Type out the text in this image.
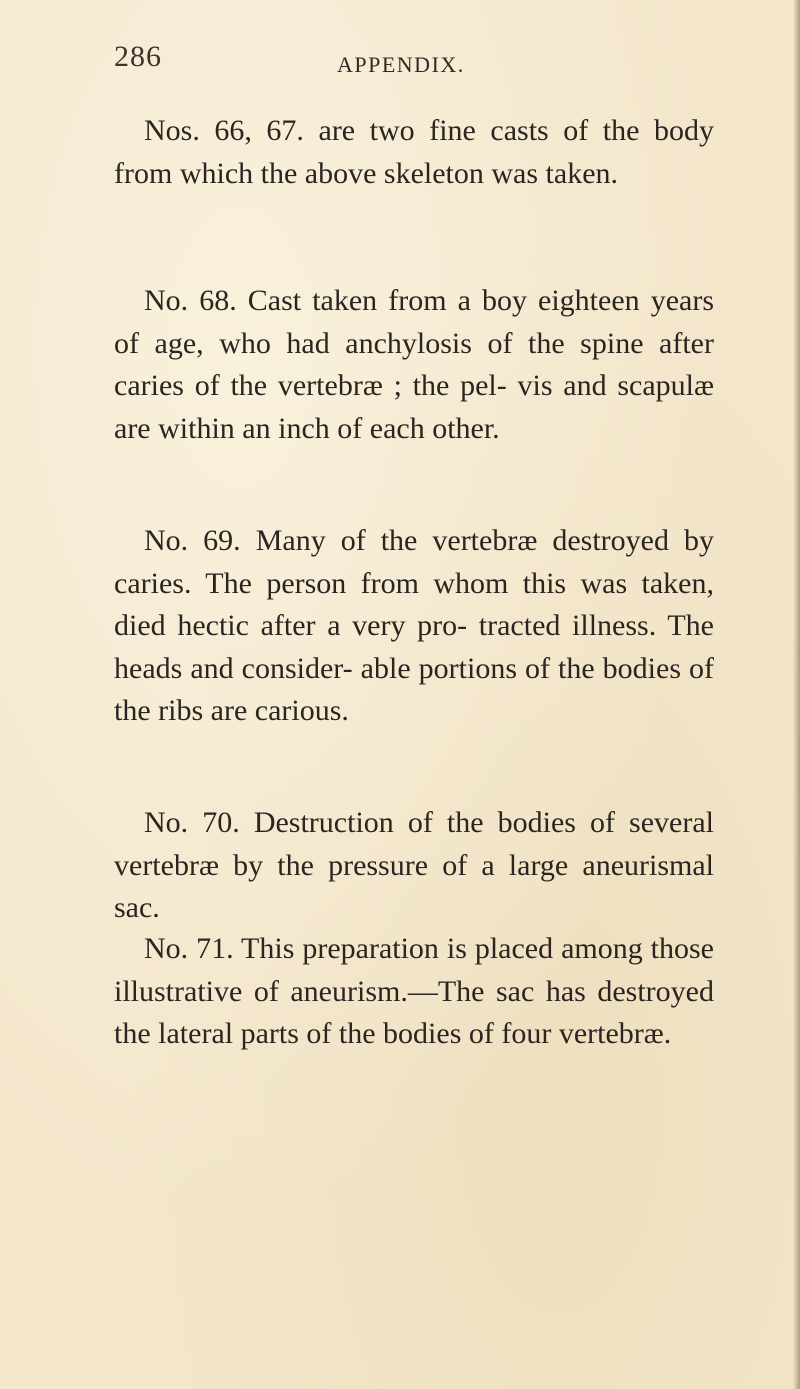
286	APPENDIX.

Nos. 66, 67. are two fine casts of the body from which the above skeleton was taken.

No. 68. Cast taken from a boy eighteen years of age, who had anchylosis of the spine after caries of the vertebræ ; the pel- vis and scapulæ are within an inch of each other.

No. 69. Many of the vertebræ destroyed by caries. The person from whom this was taken, died hectic after a very pro- tracted illness. The heads and consider- able portions of the bodies of the ribs are carious.

No. 70. Destruction of the bodies of several vertebræ by the pressure of a large aneurismal sac.

No. 71. This preparation is placed among those illustrative of aneurism.—The sac has destroyed the lateral parts of the bodies of four vertebræ.
